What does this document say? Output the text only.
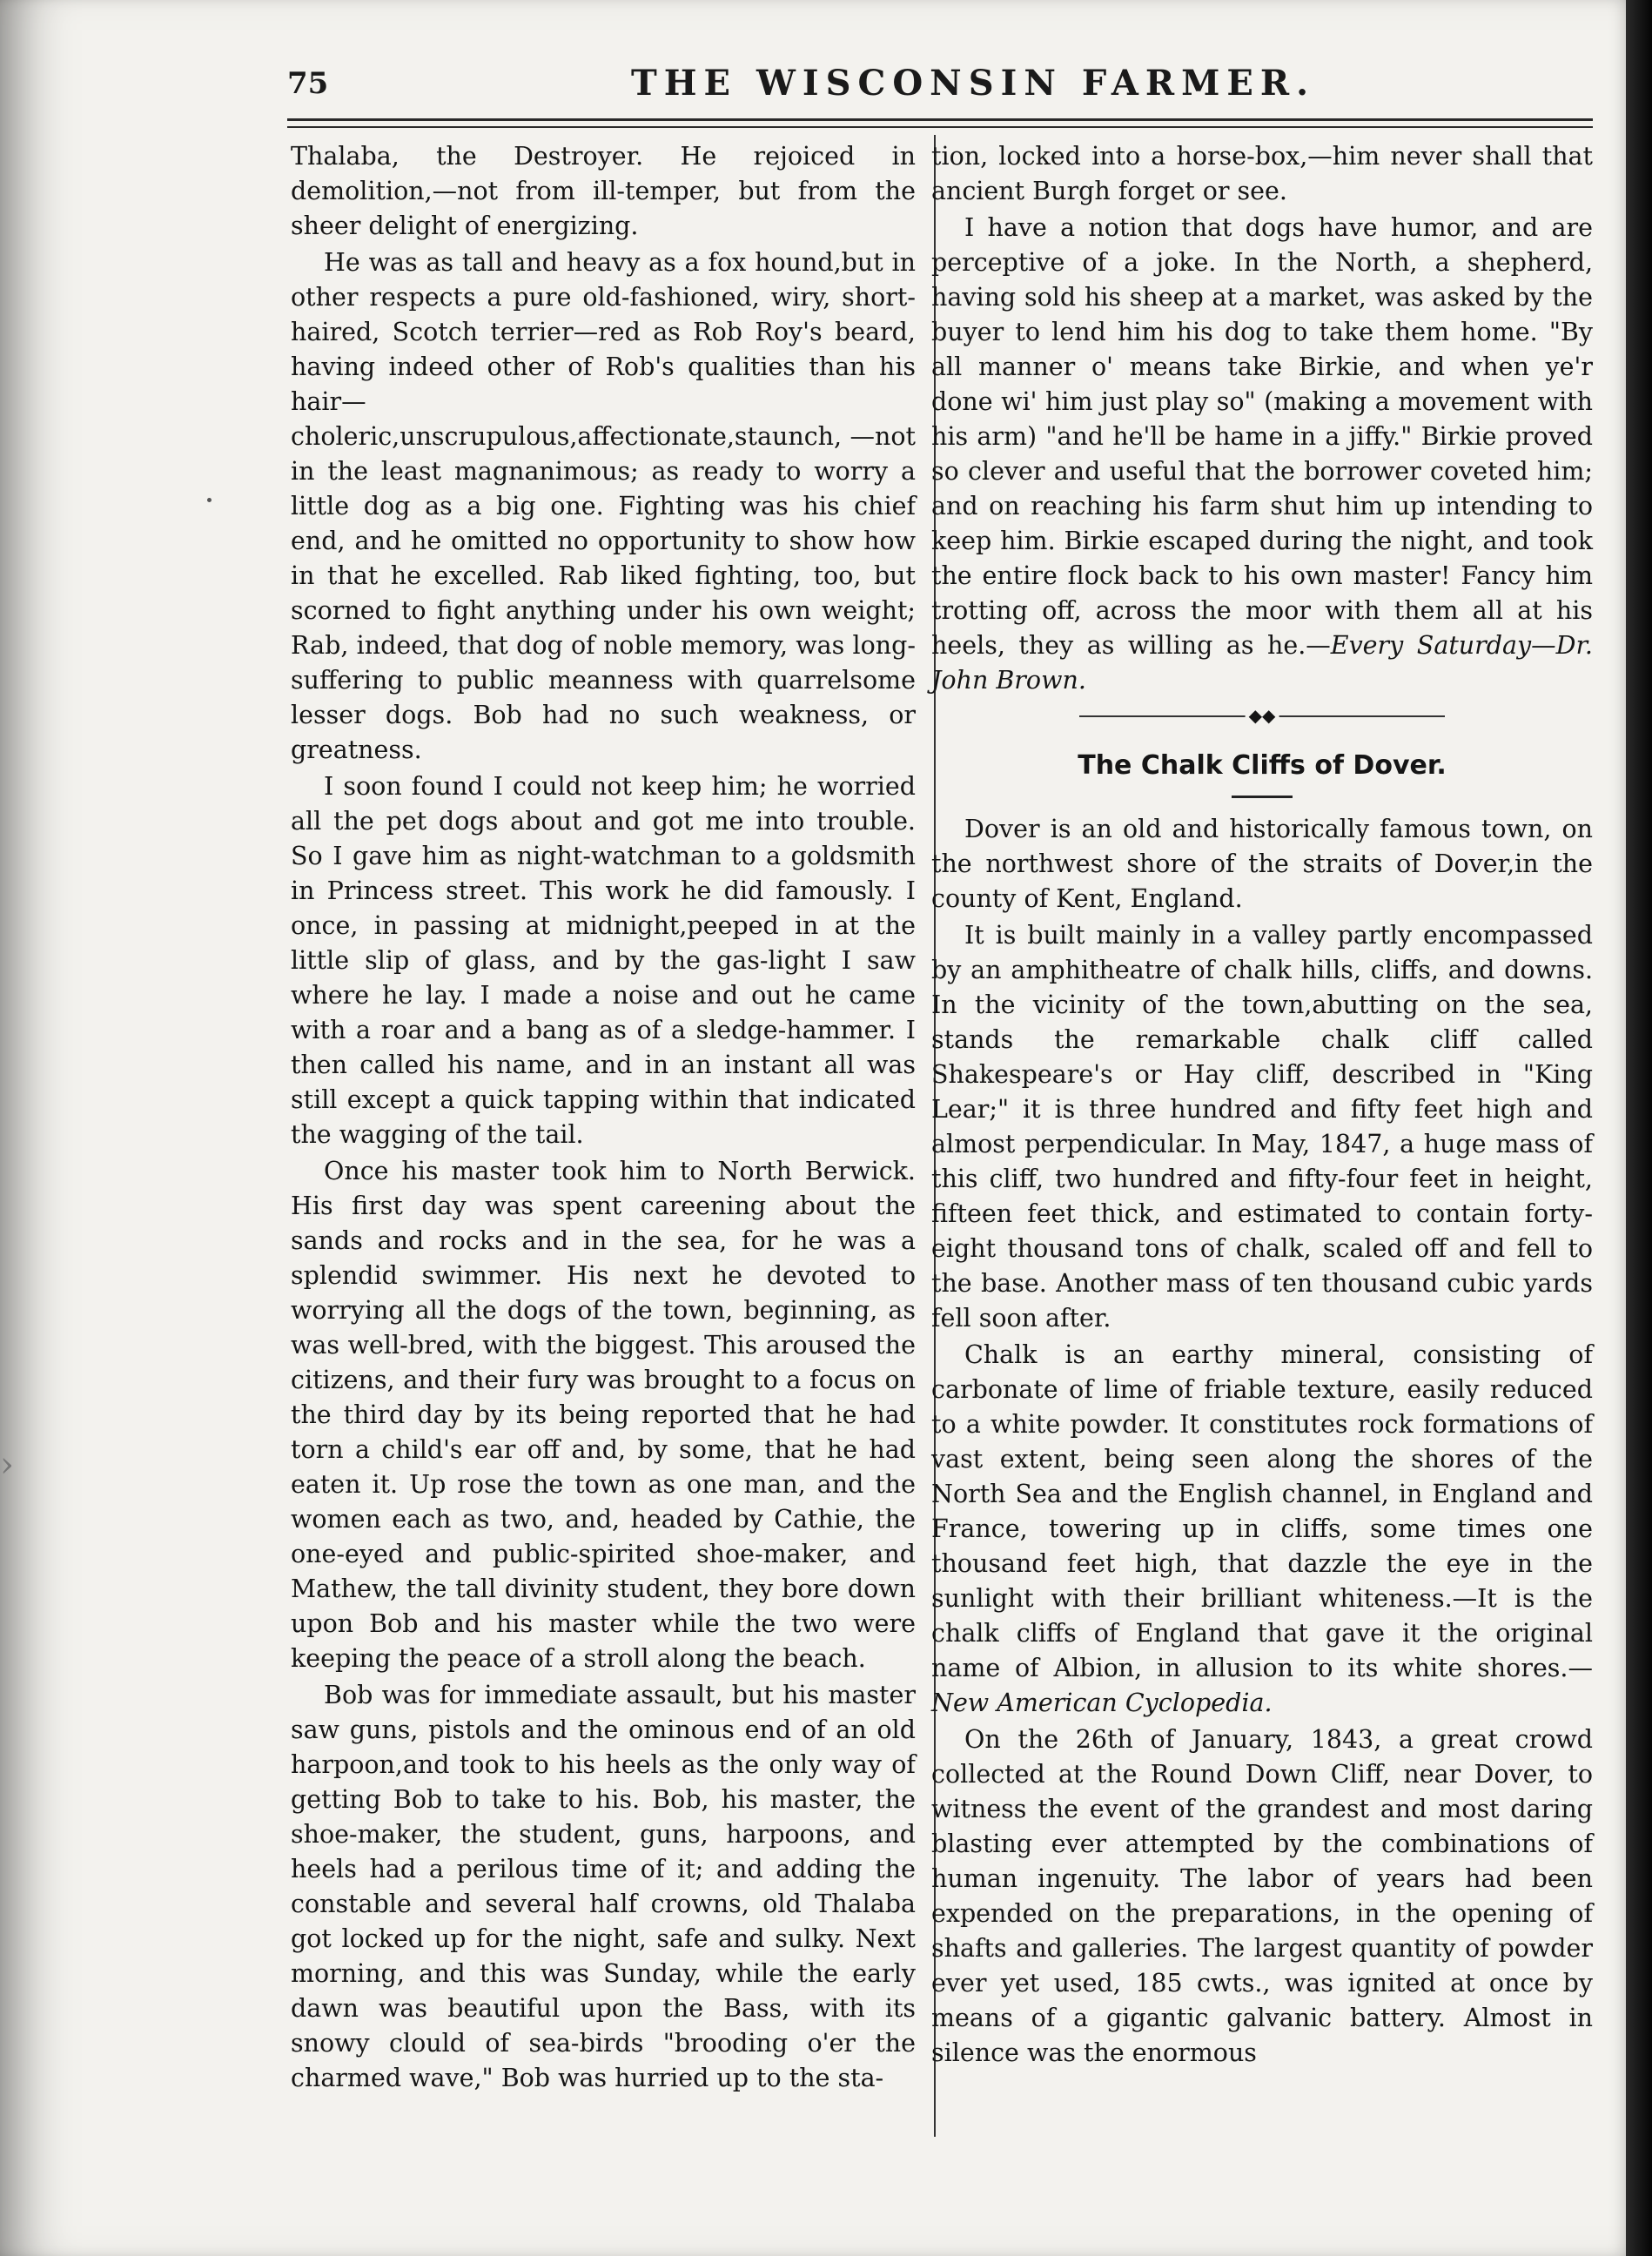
75	THE WISCONSIN FARMER.
›

Thalaba, the Destroyer. He rejoiced in demolition,—not from ill-temper, but from the sheer delight of energizing.

He was as tall and heavy as a fox hound,but in other respects a pure old-fashioned, wiry, short-haired, Scotch terrier—red as Rob Roy's beard, having indeed other of Rob's qualities than his hair—choleric,unscrupulous,affectionate,staunch, —not in the least magnanimous; as ready to worry a little dog as a big one. Fighting was his chief end, and he omitted no opportunity to show how in that he excelled. Rab liked fighting, too, but scorned to fight anything under his own weight; Rab, indeed, that dog of noble memory, was long-suffering to public meanness with quarrelsome lesser dogs. Bob had no such weakness, or greatness.

I soon found I could not keep him; he worried all the pet dogs about and got me into trouble. So I gave him as night-watchman to a goldsmith in Princess street. This work he did famously. I once, in passing at midnight,peeped in at the little slip of glass, and by the gas-light I saw where he lay. I made a noise and out he came with a roar and a bang as of a sledge-hammer. I then called his name, and in an instant all was still except a quick tapping within that indicated the wagging of the tail.

Once his master took him to North Berwick. His first day was spent careening about the sands and rocks and in the sea, for he was a splendid swimmer. His next he devoted to worrying all the dogs of the town, beginning, as was well-bred, with the biggest. This aroused the citizens, and their fury was brought to a focus on the third day by its being reported that he had torn a child's ear off and, by some, that he had eaten it. Up rose the town as one man, and the women each as two, and, headed by Cathie, the one-eyed and public-spirited shoe-maker, and Mathew, the tall divinity student, they bore down upon Bob and his master while the two were keeping the peace of a stroll along the beach.

Bob was for immediate assault, but his master saw guns, pistols and the ominous end of an old harpoon,and took to his heels as the only way of getting Bob to take to his. Bob, his master, the shoe-maker, the student, guns, harpoons, and heels had a perilous time of it; and adding the constable and several half crowns, old Thalaba got locked up for the night, safe and sulky. Next morning, and this was Sunday, while the early dawn was beautiful upon the Bass, with its snowy clould of sea-birds "brooding o'er the charmed wave," Bob was hurried up to the sta-

tion, locked into a horse-box,—him never shall that ancient Burgh forget or see.

I have a notion that dogs have humor, and are perceptive of a joke. In the North, a shepherd, having sold his sheep at a market, was asked by the buyer to lend him his dog to take them home. "By all manner o' means take Birkie, and when ye'r done wi' him just play so" (making a movement with his arm) "and he'll be hame in a jiffy." Birkie proved so clever and useful that the borrower coveted him; and on reaching his farm shut him up intending to keep him. Birkie escaped during the night, and took the entire flock back to his own master! Fancy him trotting off, across the moor with them all at his heels, they as willing as he.—Every Saturday—Dr. John Brown.

◆◆
The Chalk Cliffs of Dover.

Dover is an old and historically famous town, on the northwest shore of the straits of Dover,in the county of Kent, England.

It is built mainly in a valley partly encompassed by an amphitheatre of chalk hills, cliffs, and downs. In the vicinity of the town,abutting on the sea, stands the remarkable chalk cliff called Shakespeare's or Hay cliff, described in "King Lear;" it is three hundred and fifty feet high and almost perpendicular. In May, 1847, a huge mass of this cliff, two hundred and fifty-four feet in height, fifteen feet thick, and estimated to contain forty-eight thousand tons of chalk, scaled off and fell to the base. Another mass of ten thousand cubic yards fell soon after.

Chalk is an earthy mineral, consisting of carbonate of lime of friable texture, easily reduced to a white powder. It constitutes rock formations of vast extent, being seen along the shores of the North Sea and the English channel, in England and France, towering up in cliffs, some times one thousand feet high, that dazzle the eye in the sunlight with their brilliant whiteness.—It is the chalk cliffs of England that gave it the original name of Albion, in allusion to its white shores.—New American Cyclopedia.

On the 26th of January, 1843, a great crowd collected at the Round Down Cliff, near Dover, to witness the event of the grandest and most daring blasting ever attempted by the combinations of human ingenuity. The labor of years had been expended on the preparations, in the opening of shafts and galleries. The largest quantity of powder ever yet used, 185 cwts., was ignited at once by means of a gigantic galvanic battery. Almost in silence was the enormous
